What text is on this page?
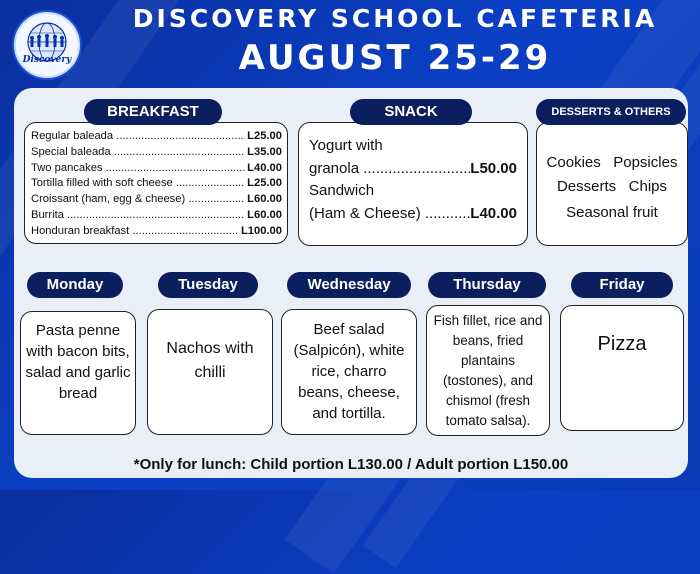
Discovery
DISCOVERY SCHOOL CAFETERIA
AUGUST 25-29
Regular baleada .....	L25.00
Special baleada .....	L35.00
Two pancakes .....	L40.00
Tortilla filled with soft cheese .....	L25.00
Croissant (ham, egg & cheese) .....	L60.00
Burrita .....	L60.00
Honduran breakfast .....	L100.00
BREAKFAST
Yogurt with
granola .....	L50.00
Sandwich
(Ham & Cheese) .....	L40.00
SNACK
Cookies   Popsicles
Desserts   Chips
Seasonal fruit
DESSERTS & OTHERS
Pasta penne with bacon bits, salad and garlic bread
Monday
Nachos with chilli
Tuesday
Beef salad (Salpicón), white rice, charro beans, cheese, and tortilla.
Wednesday
Fish fillet, rice and beans, fried plantains (tostones), and chismol (fresh tomato salsa).
Thursday
Pizza
Friday
*Only for lunch: Child portion L130.00 / Adult portion L150.00
